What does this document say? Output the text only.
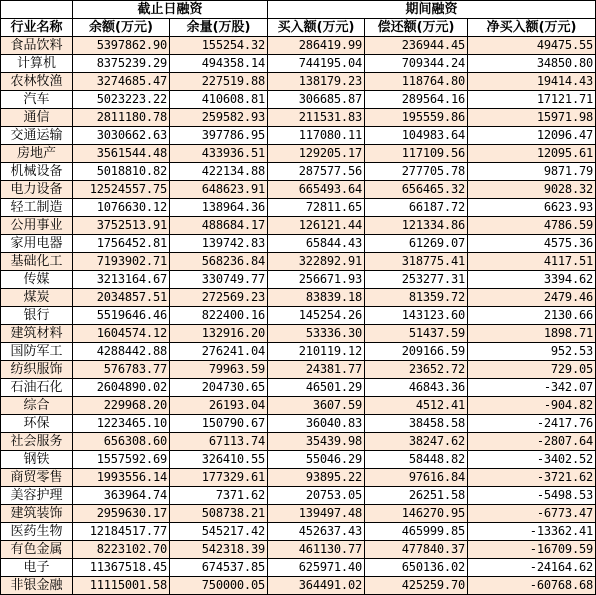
	截止日融资		期间融资		
行业名称	余额(万元)	余量(万股)	买入额(万元)	偿还额(万元)	净买入额(万元)
食品饮料	5397862.90	155254.32	286419.99	236944.45	49475.55
计算机	8375239.29	494358.14	744195.04	709344.24	34850.80
农林牧渔	3274685.47	227519.88	138179.23	118764.80	19414.43
汽车	5023223.22	410608.81	306685.87	289564.16	17121.71
通信	2811180.78	259582.93	211531.83	195559.86	15971.98
交通运输	3030662.63	397786.95	117080.11	104983.64	12096.47
房地产	3561544.48	433936.51	129205.17	117109.56	12095.61
机械设备	5018810.82	422134.88	287577.56	277705.78	9871.79
电力设备	12524557.75	648623.91	665493.64	656465.32	9028.32
轻工制造	1076630.12	138964.36	72811.65	66187.72	6623.93
公用事业	3752513.91	488684.17	126121.44	121334.86	4786.59
家用电器	1756452.81	139742.83	65844.43	61269.07	4575.36
基础化工	7193902.71	568236.84	322892.91	318775.41	4117.51
传媒	3213164.67	330749.77	256671.93	253277.31	3394.62
煤炭	2034857.51	272569.23	83839.18	81359.72	2479.46
银行	5519646.46	822400.16	145254.26	143123.60	2130.66
建筑材料	1604574.12	132916.20	53336.30	51437.59	1898.71
国防军工	4288442.88	276241.04	210119.12	209166.59	952.53
纺织服饰	576783.77	79963.59	24381.77	23652.72	729.05
石油石化	2604890.02	204730.65	46501.29	46843.36	-342.07
综合	229968.20	26193.04	3607.59	4512.41	-904.82
环保	1223465.10	150790.67	36040.83	38458.58	-2417.76
社会服务	656308.60	67113.74	35439.98	38247.62	-2807.64
钢铁	1557592.69	326410.55	55046.29	58448.82	-3402.52
商贸零售	1993556.14	177329.61	93895.22	97616.84	-3721.62
美容护理	363964.74	7371.62	20753.05	26251.58	-5498.53
建筑装饰	2959630.17	508738.21	139497.48	146270.95	-6773.47
医药生物	12184517.77	545217.42	452637.43	465999.85	-13362.41
有色金属	8223102.70	542318.39	461130.77	477840.37	-16709.59
电子	11367518.45	674537.85	625971.40	650136.02	-24164.62
非银金融	11115001.58	750000.05	364491.02	425259.70	-60768.68
